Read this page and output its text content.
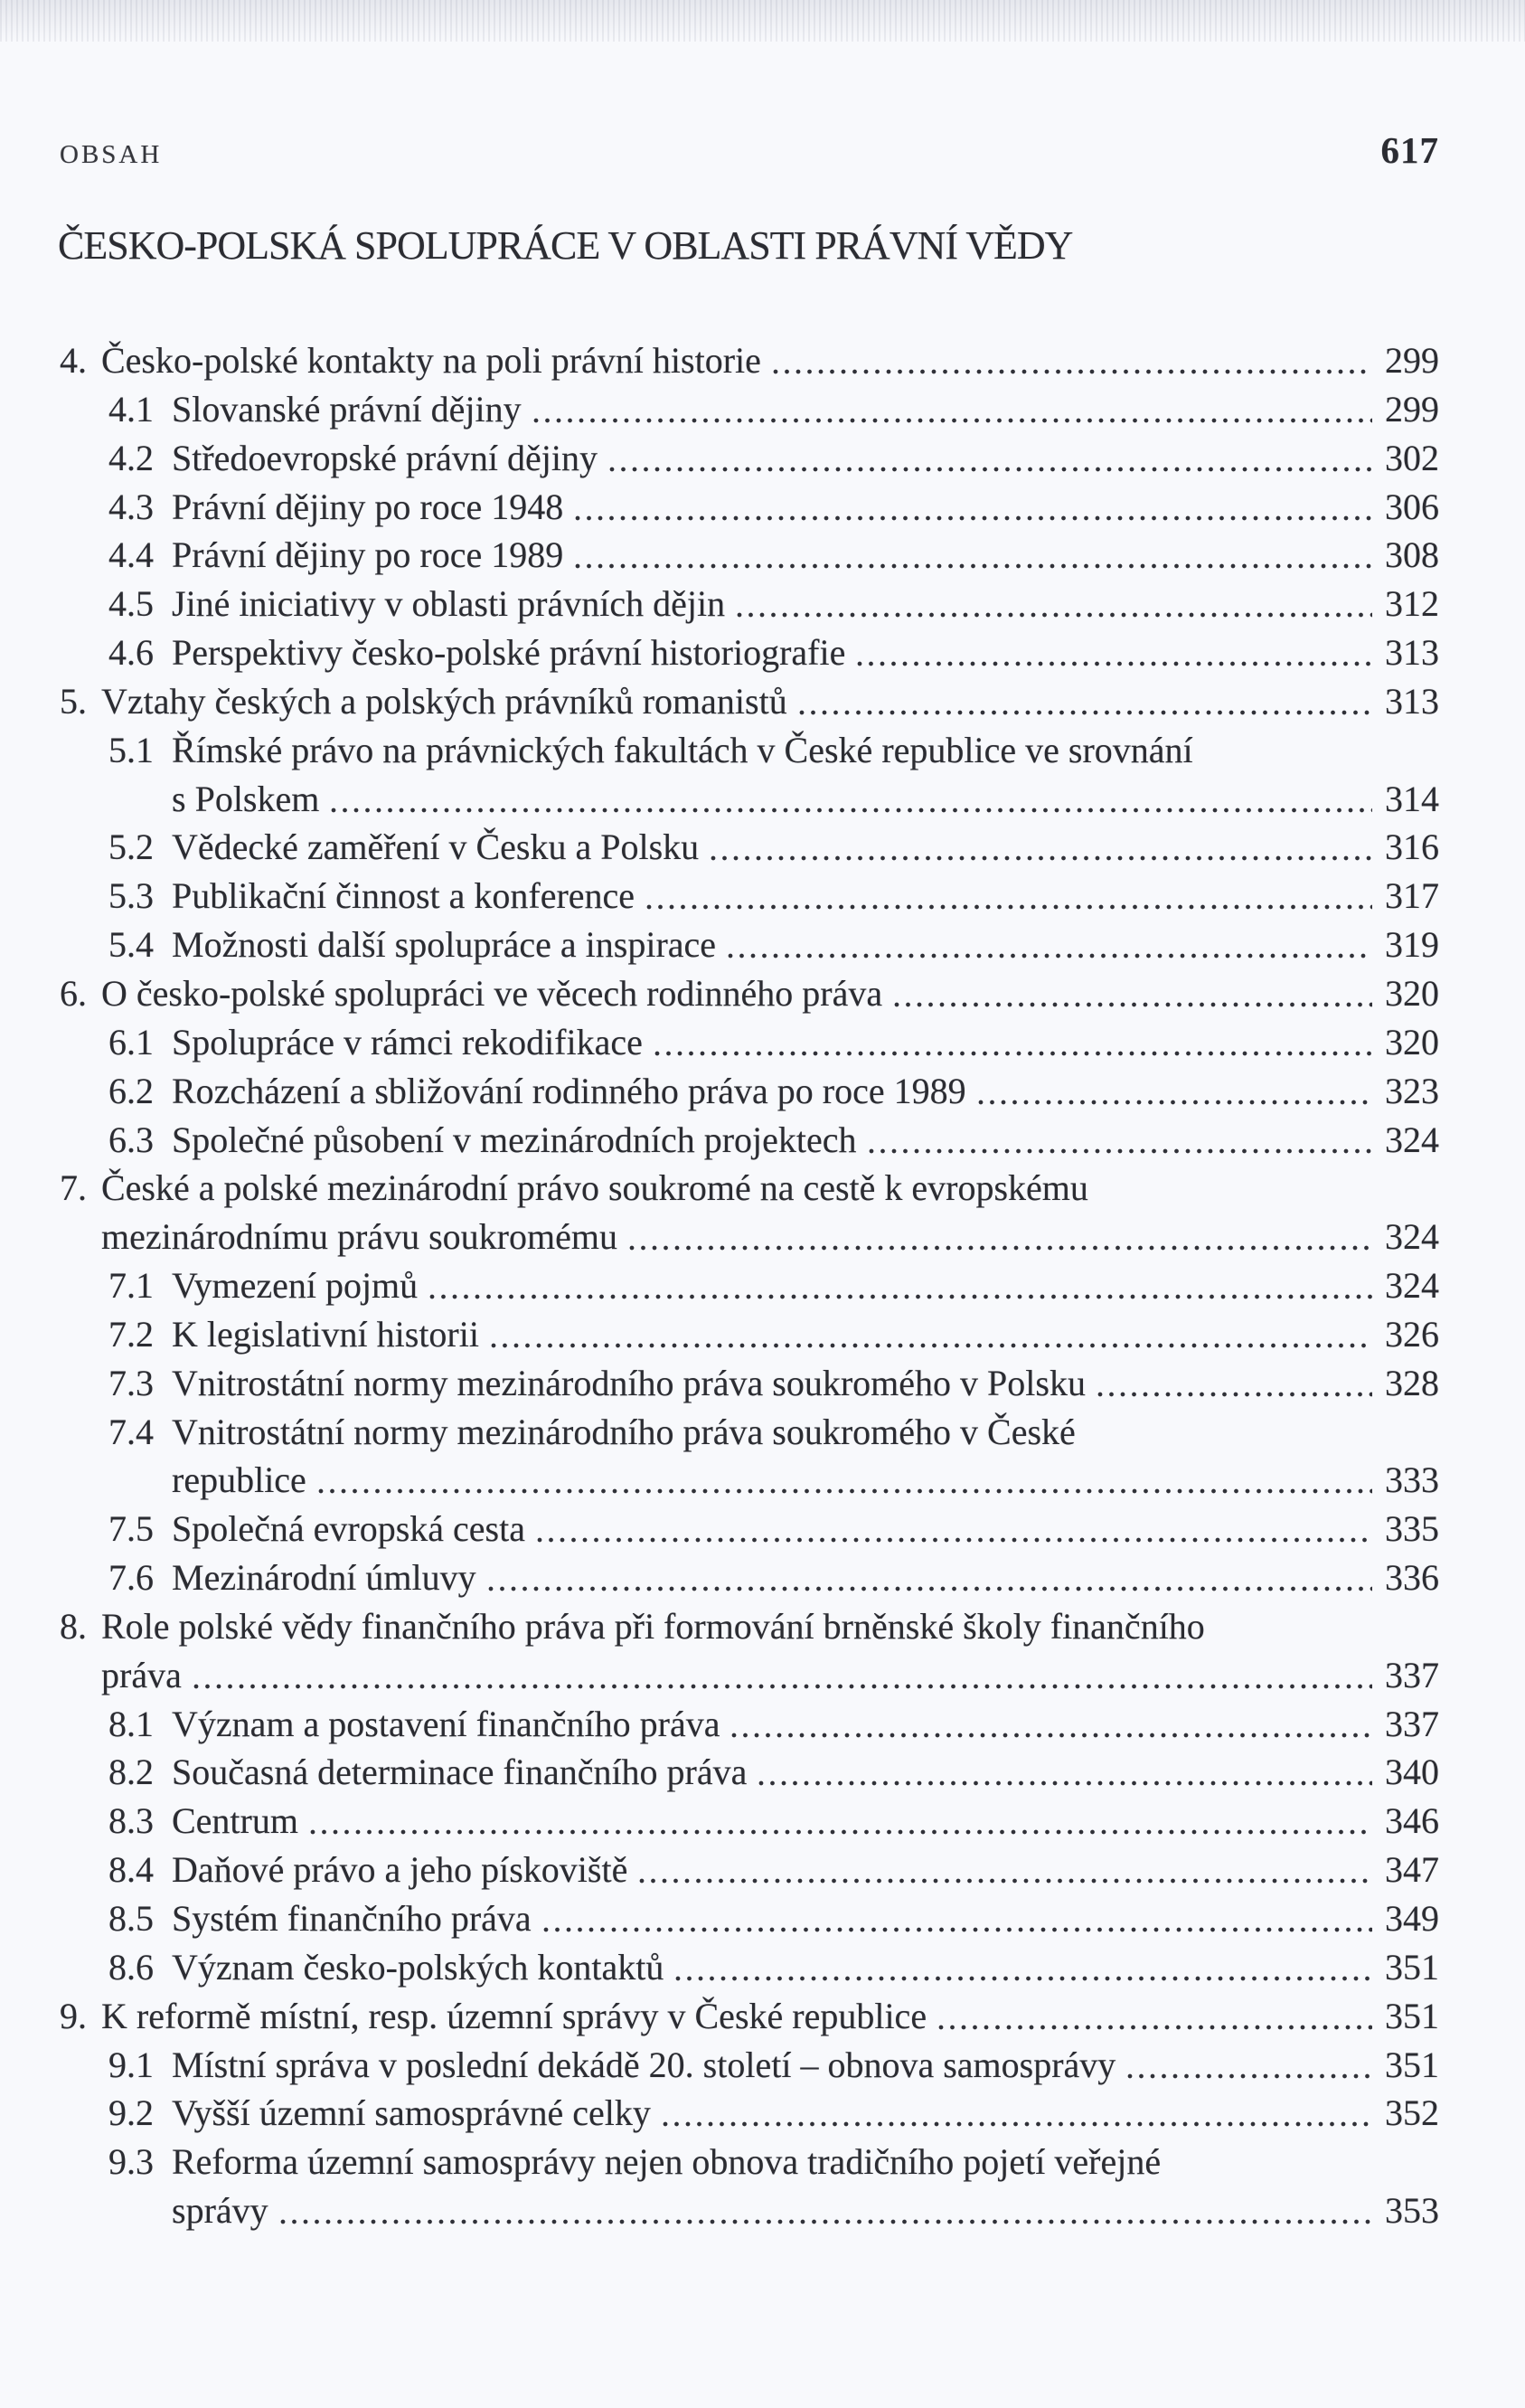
OBSAH	617
ČESKO-POLSKÁ SPOLUPRÁCE V OBLASTI PRÁVNÍ VĚDY
4. Česko-polské kontakty na poli právní historie	299
4.1 Slovanské právní dějiny	299
4.2 Středoevropské právní dějiny	302
4.3 Právní dějiny po roce 1948	306
4.4 Právní dějiny po roce 1989	308
4.5 Jiné iniciativy v oblasti právních dějin	312
4.6 Perspektivy česko-polské právní historiografie	313
5. Vztahy českých a polských právníků romanistů	313
5.1 Římské právo na právnických fakultách v České republice ve srovnání
s Polskem	314
5.2 Vědecké zaměření v Česku a Polsku	316
5.3 Publikační činnost a konference	317
5.4 Možnosti další spolupráce a inspirace	319
6. O česko-polské spolupráci ve věcech rodinného práva	320
6.1 Spolupráce v rámci rekodifikace	320
6.2 Rozcházení a sbližování rodinného práva po roce 1989	323
6.3 Společné působení v mezinárodních projektech	324
7. České a polské mezinárodní právo soukromé na cestě k evropskému
mezinárodnímu právu soukromému	324
7.1 Vymezení pojmů	324
7.2 K legislativní historii	326
7.3 Vnitrostátní normy mezinárodního práva soukromého v Polsku	328
7.4 Vnitrostátní normy mezinárodního práva soukromého v České
republice	333
7.5 Společná evropská cesta	335
7.6 Mezinárodní úmluvy	336
8. Role polské vědy finančního práva při formování brněnské školy finančního
práva	337
8.1 Význam a postavení finančního práva	337
8.2 Současná determinace finančního práva	340
8.3 Centrum	346
8.4 Daňové právo a jeho pískoviště	347
8.5 Systém finančního práva	349
8.6 Význam česko-polských kontaktů	351
9. K reformě místní, resp. územní správy v České republice	351
9.1 Místní správa v poslední dekádě 20. století – obnova samosprávy	351
9.2 Vyšší územní samosprávné celky	352
9.3 Reforma územní samosprávy nejen obnova tradičního pojetí veřejné
správy	353
